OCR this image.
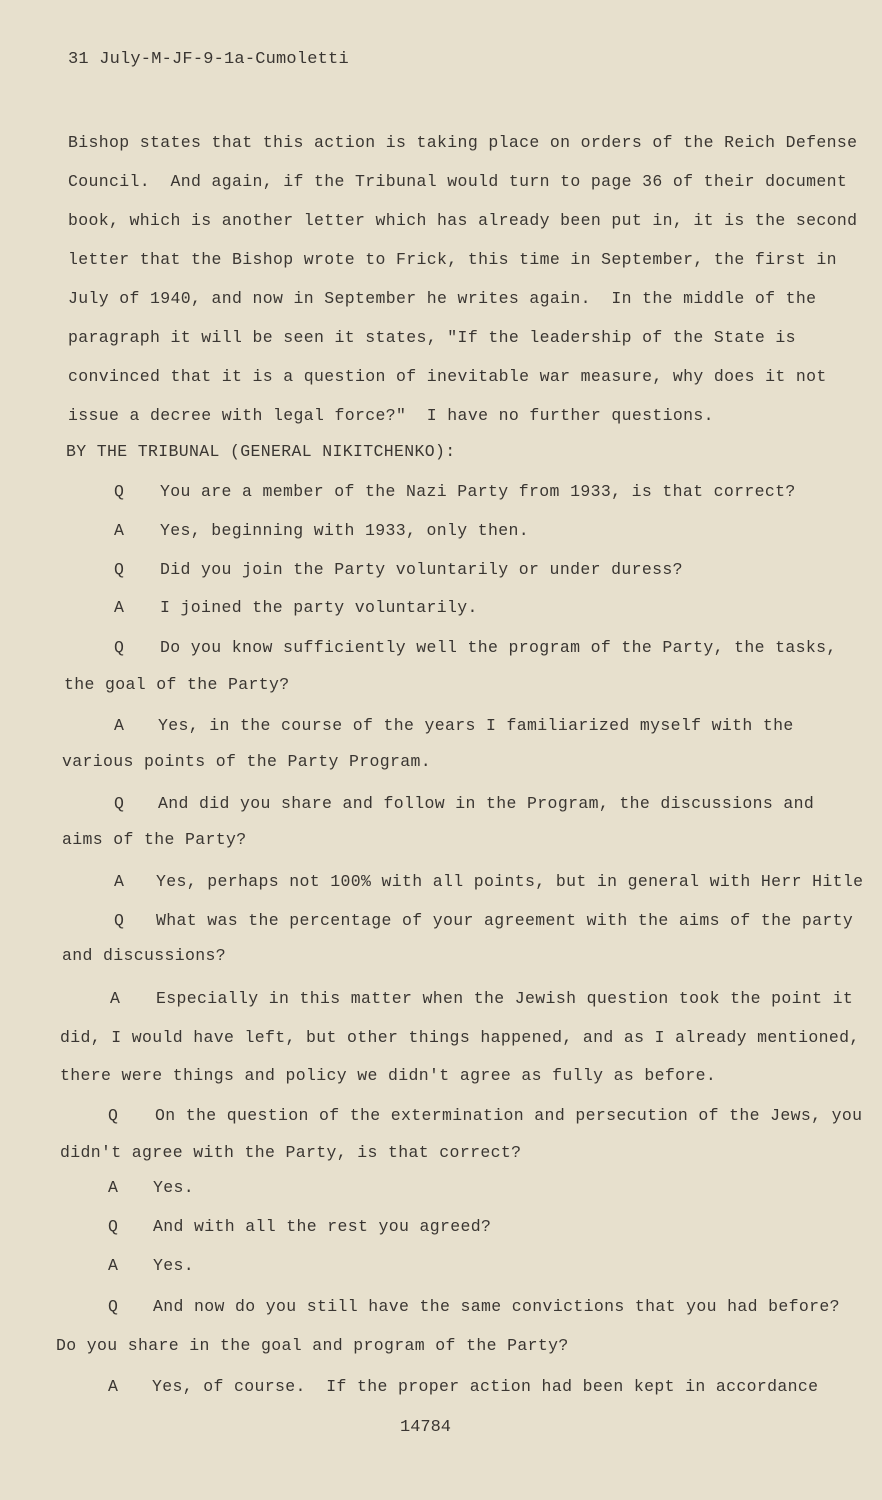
31 July-M-JF-9-1a-Cumoletti
Bishop states that this action is taking place on orders of the Reich Defense
Council.  And again, if the Tribunal would turn to page 36 of their document
book, which is another letter which has already been put in, it is the second
letter that the Bishop wrote to Frick, this time in September, the first in
July of 1940, and now in September he writes again.  In the middle of the
paragraph it will be seen it states, "If the leadership of the State is
convinced that it is a question of inevitable war measure, why does it not
issue a decree with legal force?"  I have no further questions.
BY THE TRIBUNAL (GENERAL NIKITCHENKO):
Q
A
Q
A
Q
A
Q
A
Q
A
Q
A
Q
A
Q
A
You are a member of the Nazi Party from 1933, is that correct?
Yes, beginning with 1933, only then.
Did you join the Party voluntarily or under duress?
I joined the party voluntarily.
Do you know sufficiently well the program of the Party, the tasks,
the goal of the Party?
Yes, in the course of the years I familiarized myself with the
various points of the Party Program.
And did you share and follow in the Program, the discussions and
aims of the Party?
Yes, perhaps not 100% with all points, but in general with Herr Hitle
What was the percentage of your agreement with the aims of the party
and discussions?
Especially in this matter when the Jewish question took the point it
did, I would have left, but other things happened, and as I already mentioned,
there were things and policy we didn't agree as fully as before.
On the question of the extermination and persecution of the Jews, you
didn't agree with the Party, is that correct?
Yes.
And with all the rest you agreed?
Yes.
And now do you still have the same convictions that you had before?
Do you share in the goal and program of the Party?
Yes, of course.  If the proper action had been kept in accordance
14784
